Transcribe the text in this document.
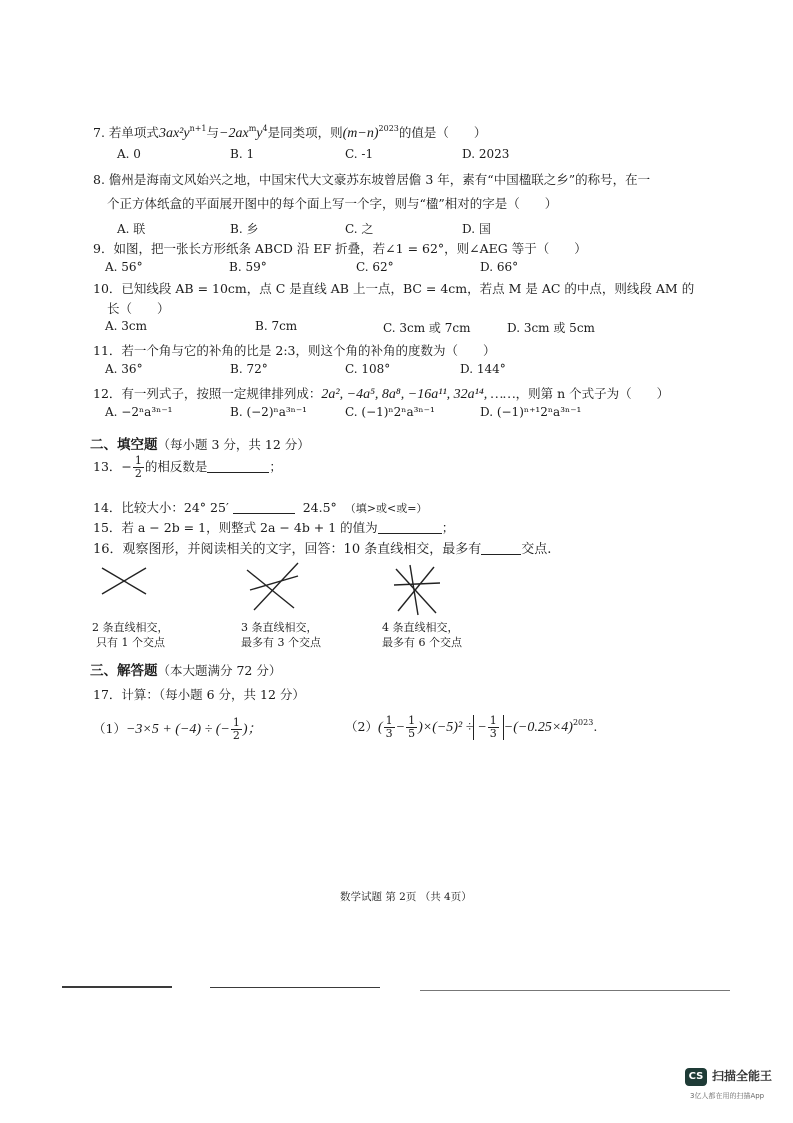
7. 若单项式$3ax^2y^{n+1}$与$-2ax^my^4$是同类项，则$(m-n)^{2023}$的值是（　　）
A. 0	B. 1	C. -1	D. 2023
8. 儋州是海南文风始兴之地，中国宋代大文豪苏东坡曾居儋 3 年，素有“中国楹联之乡”的称号，在一
个正方体纸盒的平面展开图中的每个面上写一个字，则与“楹”相对的字是（　　）
A. 联	B. 乡	C. 之	D. 国
9．如图，把一张长方形纸条 ABCD 沿 EF 折叠，若∠1 = 62°，则∠AEG 等于（　　）
A. 56°	B. 59°	C. 62°	D. 66°
10．已知线段 AB = 10cm，点 C 是直线 AB 上一点，BC = 4cm，若点 M 是 AC 的中点，则线段 AM 的
长（　　）
A. 3cm	B. 7cm	C. 3cm 或 7cm	D. 3cm 或 5cm
11．若一个角与它的补角的比是 2:3，则这个角的补角的度数为（　　）
A. 36°	B. 72°	C. 108°	D. 144°
12．有一列式子，按照一定规律排列成：2a², −4a⁵, 8a⁸, −16a¹¹, 32a¹⁴, ……，则第 n 个式子为（　　）
A. −2ⁿa³ⁿ⁻¹	B. (−2)ⁿa³ⁿ⁻¹	C. (−1)ⁿ2ⁿa³ⁿ⁻¹	D. (−1)ⁿ⁺¹2ⁿa³ⁿ⁻¹
二、填空题（每小题 3 分，共 12 分）
13．− $\frac{1}{2}$ 的相反数是	；
14．比较大小：24° 25′	24.5° （填>或<或=）
15．若 a − 2b = 1，则整式 2a − 4b + 1 的值为	；
16．观察图形，并阅读相关的文字，回答：10 条直线相交，最多有	交点.
2 条直线相交，
只有 1 个交点
3 条直线相交，
最多有 3 个交点
4 条直线相交，
最多有 6 个交点
三、解答题（本大题满分 72 分）
17．计算：（每小题 6 分，共 12 分）
（1）−3×5 + (−4) ÷ (− $\frac{1}{2}$ )；	$(2)( \frac{1}{3} - \frac{1}{5} )\times(-5)^2$ ÷ − $\frac{1}{3} -(-0.25\times 4)^{2023}$.
数学试题 第 2页 （共 4页）
CS 扫描全能王
3亿人都在用的扫描App
